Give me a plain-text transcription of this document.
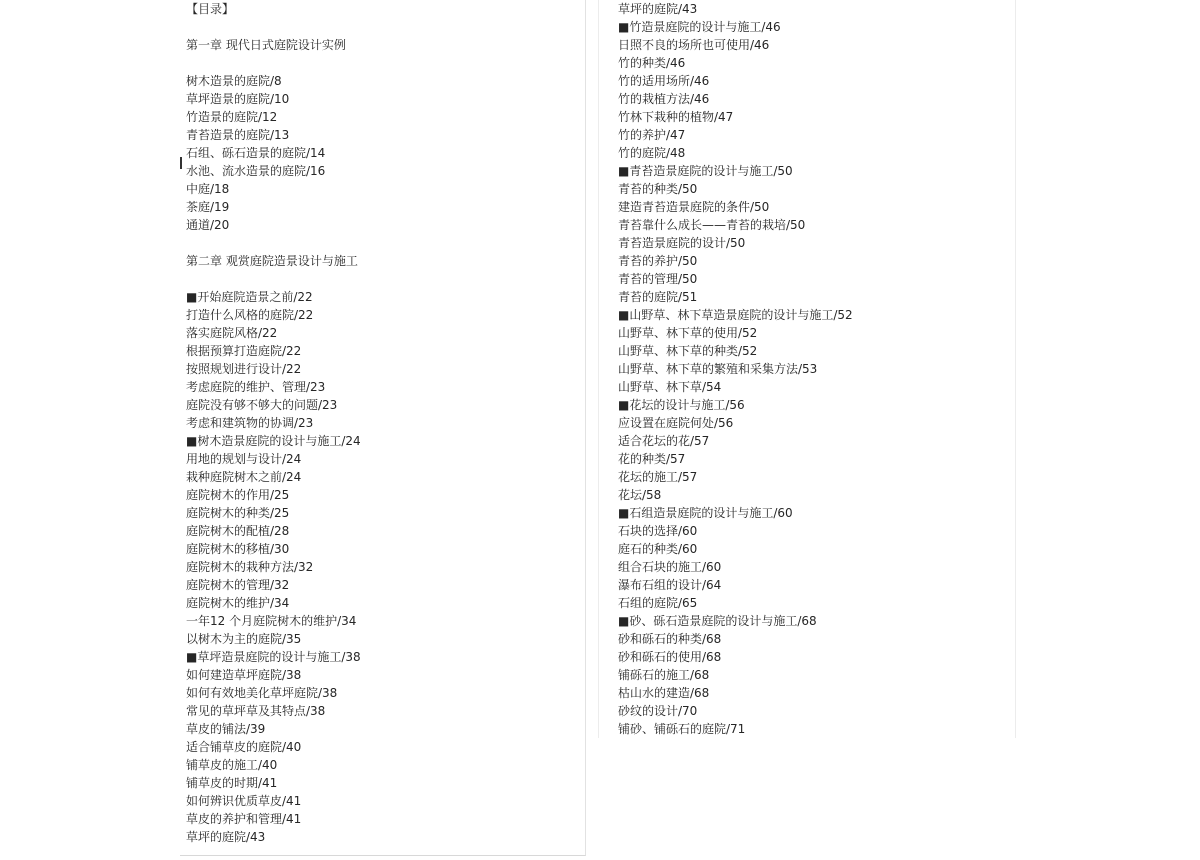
【目录】
第一章 现代日式庭院设计实例
树木造景的庭院/8
草坪造景的庭院/10
竹造景的庭院/12
青苔造景的庭院/13
石组、砾石造景的庭院/14
水池、流水造景的庭院/16
中庭/18
茶庭/19
通道/20
第二章 观赏庭院造景设计与施工
■开始庭院造景之前/22
打造什么风格的庭院/22
落实庭院风格/22
根据预算打造庭院/22
按照规划进行设计/22
考虑庭院的维护、管理/23
庭院没有够不够大的问题/23
考虑和建筑物的协调/23
■树木造景庭院的设计与施工/24
用地的规划与设计/24
栽种庭院树木之前/24
庭院树木的作用/25
庭院树木的种类/25
庭院树木的配植/28
庭院树木的移植/30
庭院树木的栽种方法/32
庭院树木的管理/32
庭院树木的维护/34
一年12 个月庭院树木的维护/34
以树木为主的庭院/35
■草坪造景庭院的设计与施工/38
如何建造草坪庭院/38
如何有效地美化草坪庭院/38
常见的草坪草及其特点/38
草皮的铺法/39
适合铺草皮的庭院/40
铺草皮的施工/40
铺草皮的时期/41
如何辨识优质草皮/41
草皮的养护和管理/41
草坪的庭院/43
草坪的庭院/43
■竹造景庭院的设计与施工/46
日照不良的场所也可使用/46
竹的种类/46
竹的适用场所/46
竹的栽植方法/46
竹林下栽种的植物/47
竹的养护/47
竹的庭院/48
■青苔造景庭院的设计与施工/50
青苔的种类/50
建造青苔造景庭院的条件/50
青苔靠什么成长——青苔的栽培/50
青苔造景庭院的设计/50
青苔的养护/50
青苔的管理/50
青苔的庭院/51
■山野草、林下草造景庭院的设计与施工/52
山野草、林下草的使用/52
山野草、林下草的种类/52
山野草、林下草的繁殖和采集方法/53
山野草、林下草/54
■花坛的设计与施工/56
应设置在庭院何处/56
适合花坛的花/57
花的种类/57
花坛的施工/57
花坛/58
■石组造景庭院的设计与施工/60
石块的选择/60
庭石的种类/60
组合石块的施工/60
瀑布石组的设计/64
石组的庭院/65
■砂、砾石造景庭院的设计与施工/68
砂和砾石的种类/68
砂和砾石的使用/68
铺砾石的施工/68
枯山水的建造/68
砂纹的设计/70
铺砂、铺砾石的庭院/71
